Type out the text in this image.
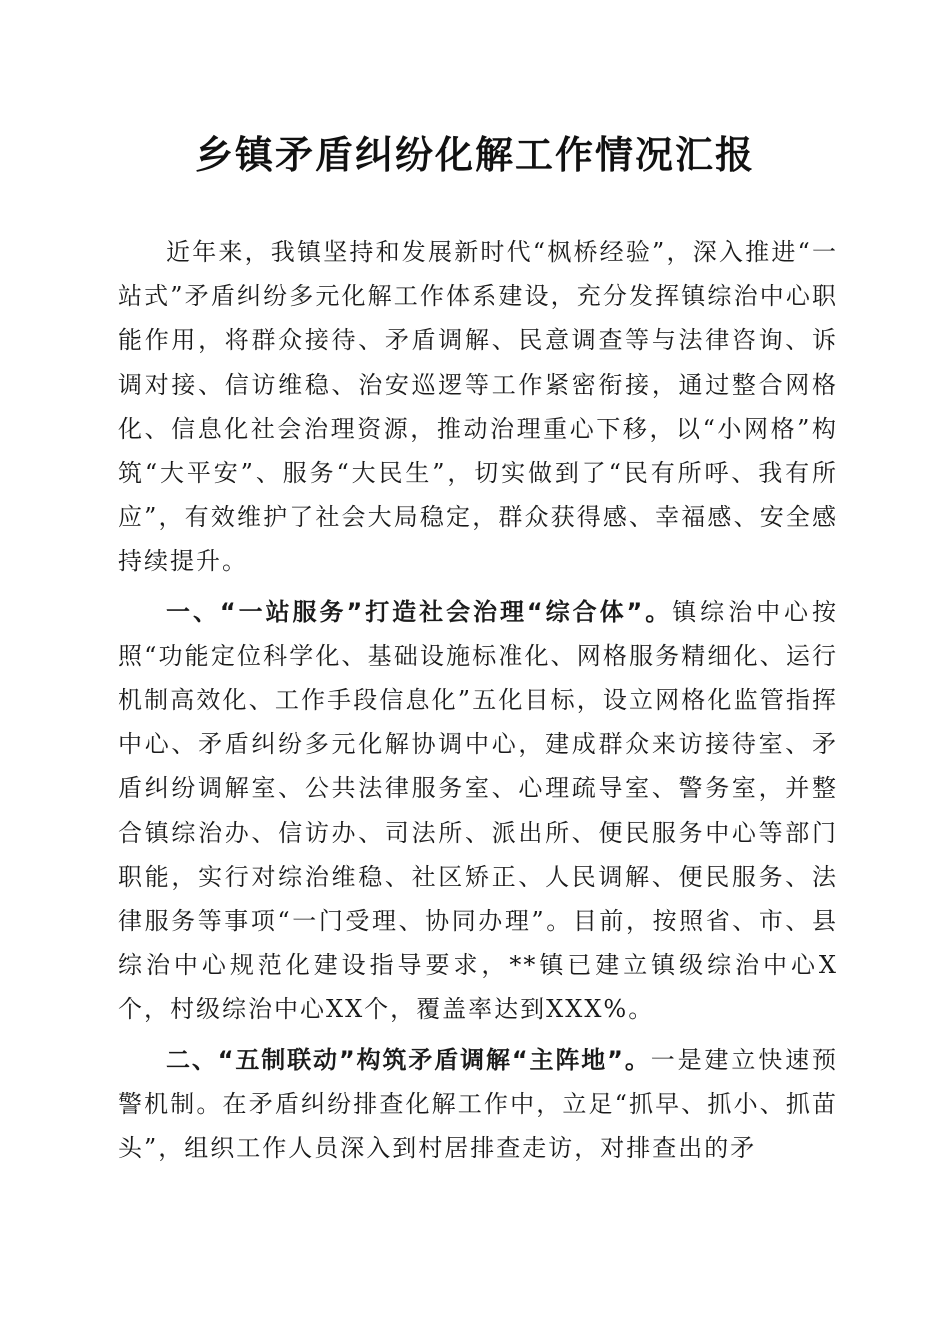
乡镇矛盾纠纷化解工作情况汇报

近年来，我镇坚持和发展新时代“枫桥经验”，深入推进“一站式”矛盾纠纷多元化解工作体系建设，充分发挥镇综治中心职能作用，将群众接待、矛盾调解、民意调查等与法律咨询、诉调对接、信访维稳、治安巡逻等工作紧密衔接，通过整合网格化、信息化社会治理资源，推动治理重心下移，以“小网格”构筑“大平安”、服务“大民生”，切实做到了“民有所呼、我有所应”，有效维护了社会大局稳定，群众获得感、幸福感、安全感持续提升。

一、“一站服务”打造社会治理“综合体”。镇综治中心按照“功能定位科学化、基础设施标准化、网格服务精细化、运行机制高效化、工作手段信息化”五化目标，设立网格化监管指挥中心、矛盾纠纷多元化解协调中心，建成群众来访接待室、矛盾纠纷调解室、公共法律服务室、心理疏导室、警务室，并整合镇综治办、信访办、司法所、派出所、便民服务中心等部门职能，实行对综治维稳、社区矫正、人民调解、便民服务、法律服务等事项“一门受理、协同办理”。目前，按照省、市、县综治中心规范化建设指导要求，**镇已建立镇级综治中心X个，村级综治中心XX个，覆盖率达到XXX%。

二、“五制联动”构筑矛盾调解“主阵地”。一是建立快速预警机制。在矛盾纠纷排查化解工作中，立足“抓早、抓小、抓苗头”，组织工作人员深入到村居排查走访，对排查出的矛
